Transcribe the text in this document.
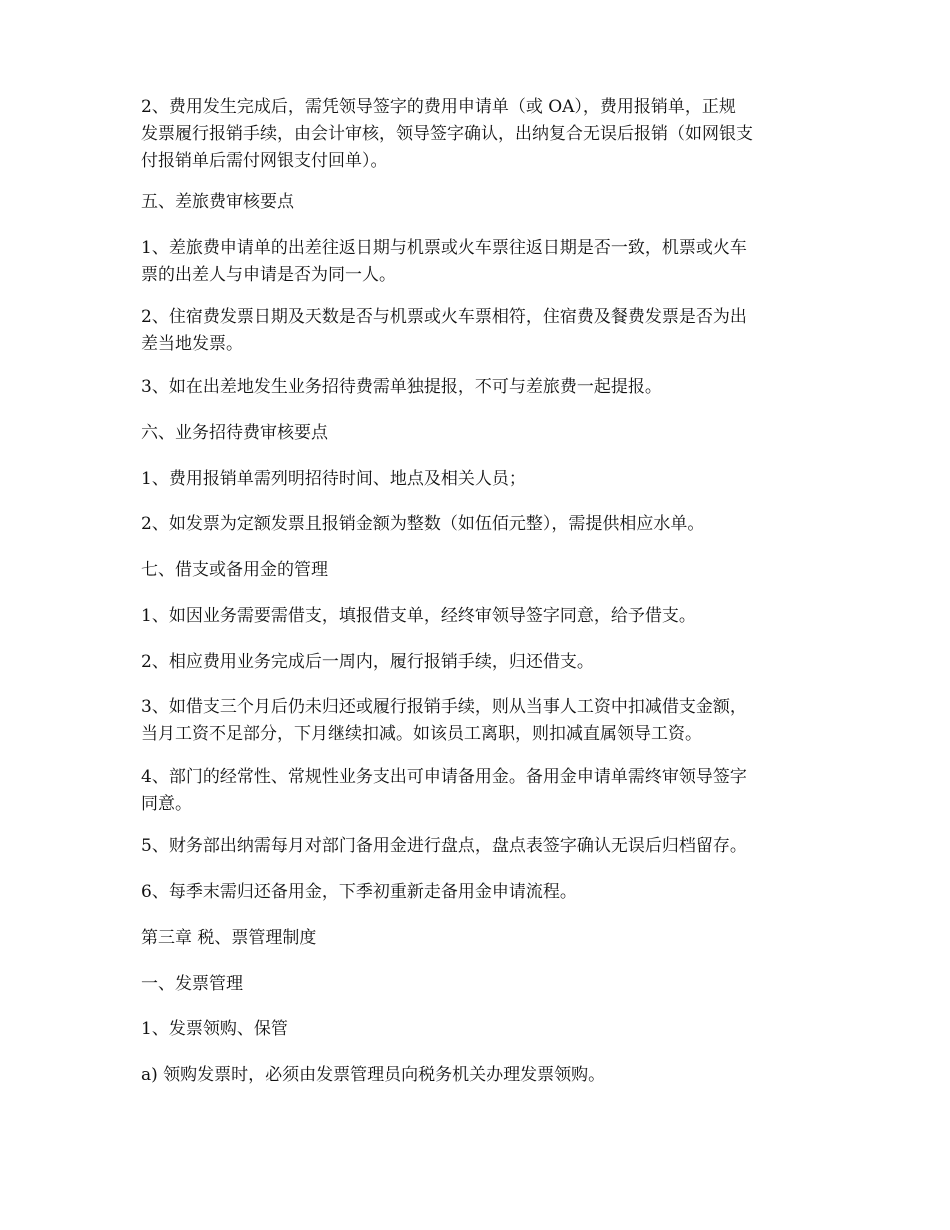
2、费用发生完成后，需凭领导签字的费用申请单（或 OA），费用报销单，正规
发票履行报销手续，由会计审核，领导签字确认，出纳复合无误后报销（如网银支
付报销单后需付网银支付回单）。

五、差旅费审核要点

1、差旅费申请单的出差往返日期与机票或火车票往返日期是否一致，机票或火车
票的出差人与申请是否为同一人。

2、住宿费发票日期及天数是否与机票或火车票相符，住宿费及餐费发票是否为出
差当地发票。

3、如在出差地发生业务招待费需单独提报，不可与差旅费一起提报。

六、业务招待费审核要点

1、费用报销单需列明招待时间、地点及相关人员；

2、如发票为定额发票且报销金额为整数（如伍佰元整），需提供相应水单。

七、借支或备用金的管理

1、如因业务需要需借支，填报借支单，经终审领导签字同意，给予借支。

2、相应费用业务完成后一周内，履行报销手续，归还借支。

3、如借支三个月后仍未归还或履行报销手续，则从当事人工资中扣减借支金额，
当月工资不足部分，下月继续扣减。如该员工离职，则扣减直属领导工资。

4、部门的经常性、常规性业务支出可申请备用金。备用金申请单需终审领导签字
同意。

5、财务部出纳需每月对部门备用金进行盘点，盘点表签字确认无误后归档留存。

6、每季末需归还备用金，下季初重新走备用金申请流程。

第三章 税、票管理制度

一、发票管理

1、发票领购、保管

a) 领购发票时，必须由发票管理员向税务机关办理发票领购。
